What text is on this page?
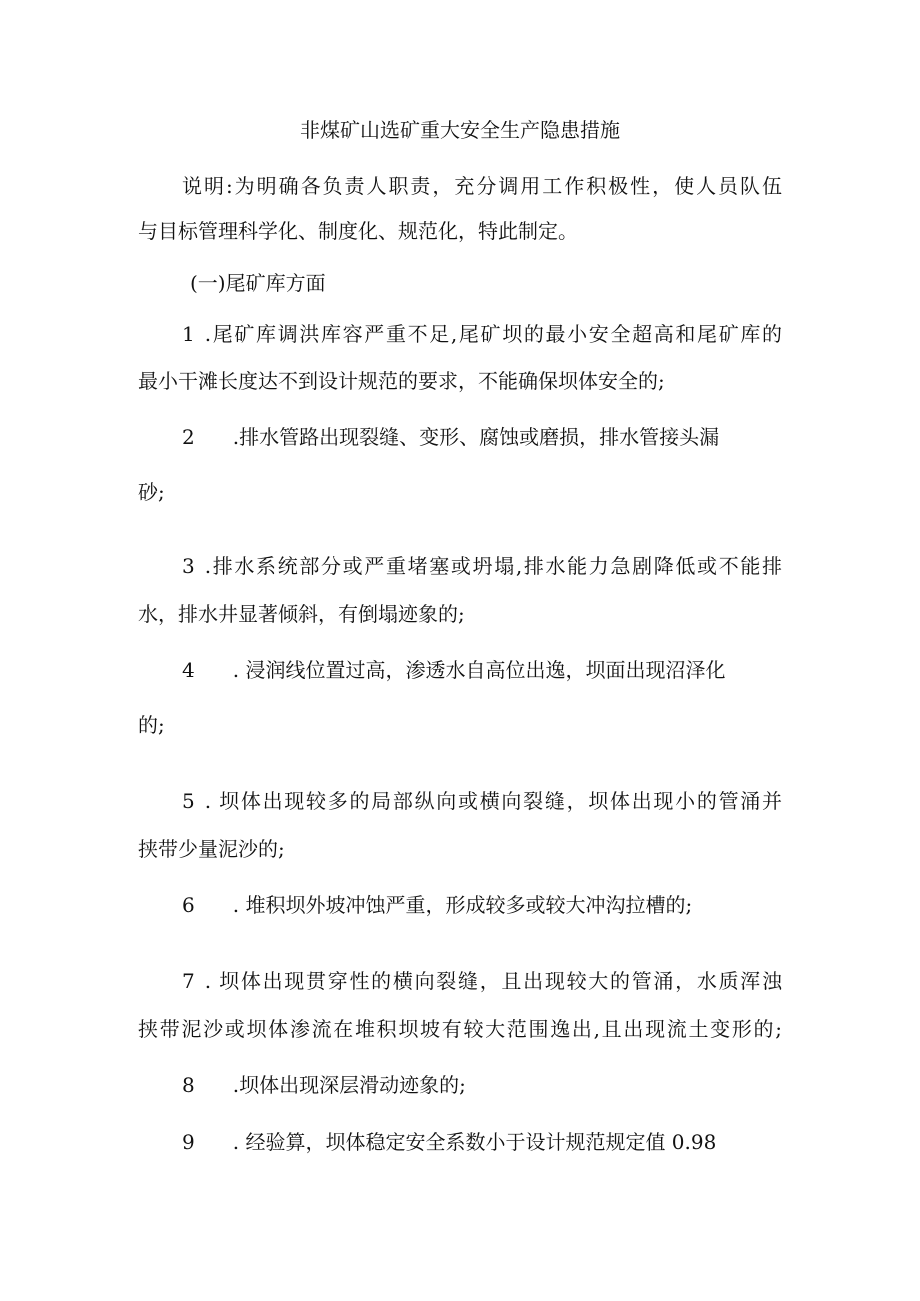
非煤矿山选矿重大安全生产隐患措施

说明:为明确各负责人职责，充分调用工作积极性，使人员队伍

与目标管理科学化、制度化、规范化，特此制定。

(一)尾矿库方面

1 .尾矿库调洪库容严重不足,尾矿坝的最小安全超高和尾矿库的

最小干滩长度达不到设计规范的要求，不能确保坝体安全的;

2 .排水管路出现裂缝、变形、腐蚀或磨损，排水管接头漏

砂;

3 .排水系统部分或严重堵塞或坍塌,排水能力急剧降低或不能排

水，排水井显著倾斜，有倒塌迹象的;

4 . 浸润线位置过高，渗透水自高位出逸，坝面出现沼泽化

的;

5 . 坝体出现较多的局部纵向或横向裂缝，坝体出现小的管涌并

挟带少量泥沙的;

6 . 堆积坝外坡冲蚀严重，形成较多或较大冲沟拉槽的;

7 . 坝体出现贯穿性的横向裂缝，且出现较大的管涌，水质浑浊

挟带泥沙或坝体渗流在堆积坝坡有较大范围逸出,且出现流土变形的;

8 .坝体出现深层滑动迹象的;

9 . 经验算，坝体稳定安全系数小于设计规范规定值 0.98
